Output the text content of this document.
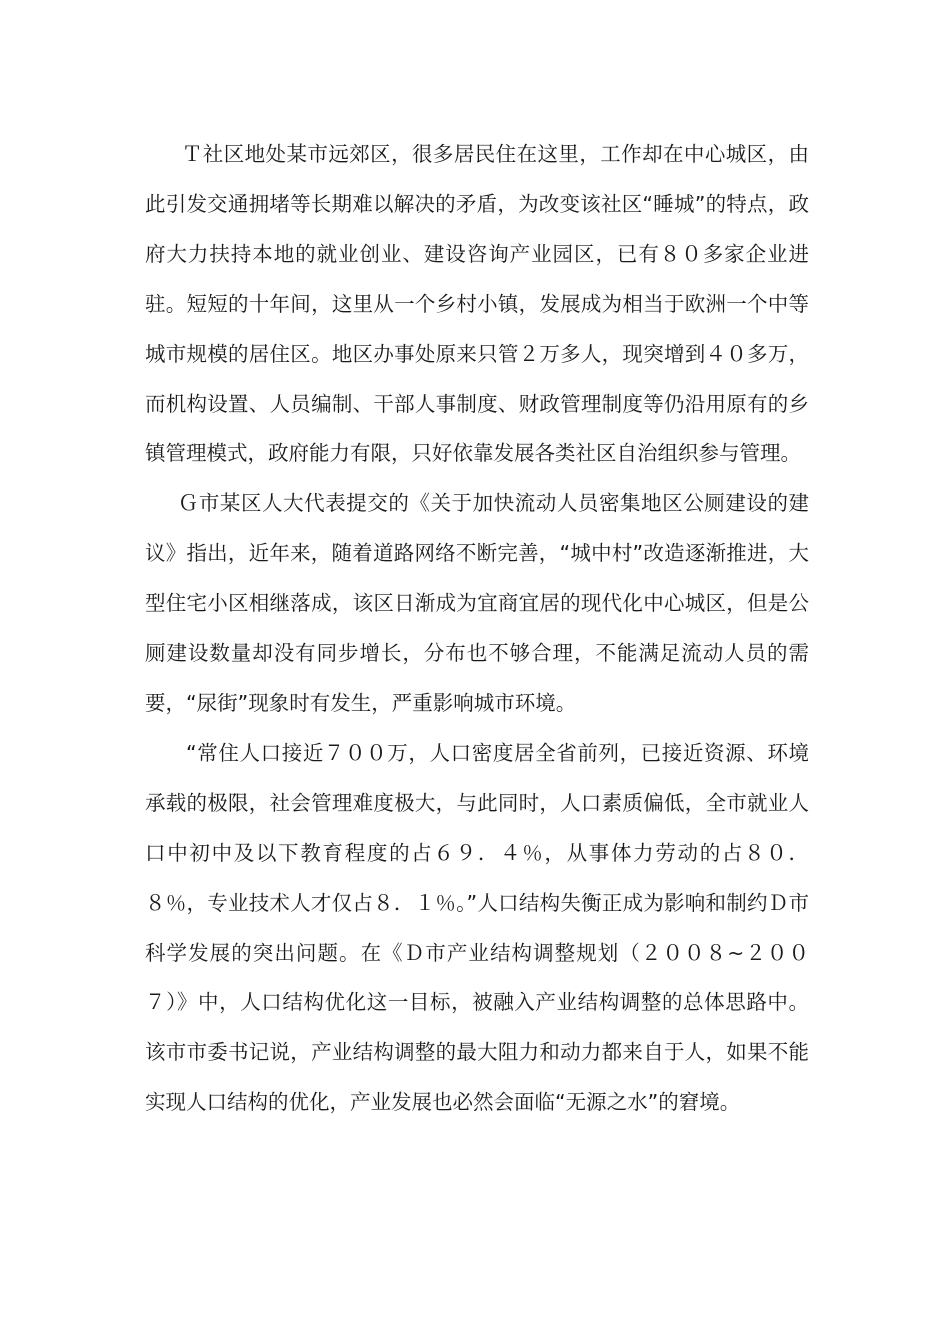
Ｔ社区地处某市远郊区，很多居民住在这里，工作却在中心城区，由此引发交通拥堵等长期难以解决的矛盾，为改变该社区“睡城”的特点，政府大力扶持本地的就业创业、建设咨询产业园区，已有８０多家企业进驻。短短的十年间，这里从一个乡村小镇，发展成为相当于欧洲一个中等城市规模的居住区。地区办事处原来只管２万多人，现突增到４０多万，而机构设置、人员编制、干部人事制度、财政管理制度等仍沿用原有的乡镇管理模式，政府能力有限，只好依靠发展各类社区自治组织参与管理。

Ｇ市某区人大代表提交的《关于加快流动人员密集地区公厕建设的建议》指出，近年来，随着道路网络不断完善，“城中村”改造逐渐推进，大型住宅小区相继落成，该区日渐成为宜商宜居的现代化中心城区，但是公厕建设数量却没有同步增长，分布也不够合理，不能满足流动人员的需要，“尿街”现象时有发生，严重影响城市环境。

“常住人口接近７００万，人口密度居全省前列，已接近资源、环境承载的极限，社会管理难度极大，与此同时，人口素质偏低，全市就业人口中初中及以下教育程度的占６９．４％，从事体力劳动的占８０．８％，专业技术人才仅占８．１％。”人口结构失衡正成为影响和制约Ｄ市科学发展的突出问题。在《Ｄ市产业结构调整规划（２００８~２００７）》中，人口结构优化这一目标，被融入产业结构调整的总体思路中。该市市委书记说，产业结构调整的最大阻力和动力都来自于人，如果不能实现人口结构的优化，产业发展也必然会面临“无源之水”的窘境。
